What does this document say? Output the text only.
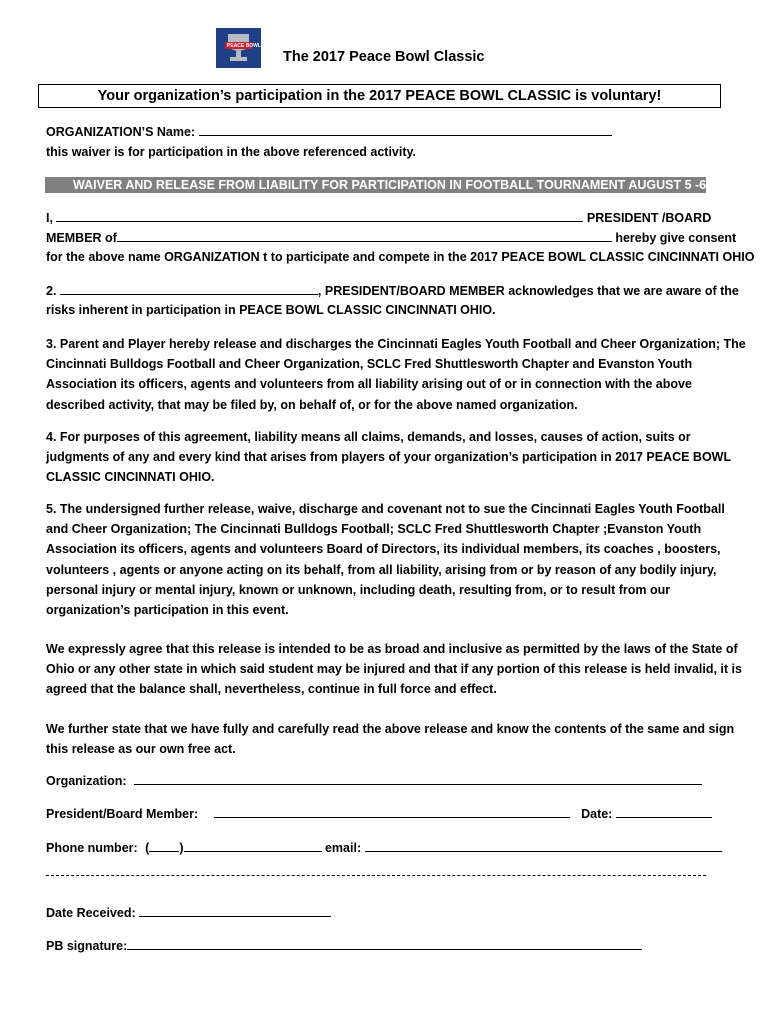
PEACE BOWL
The 2017 Peace Bowl Classic
Your organization’s participation in the 2017 PEACE BOWL CLASSIC is voluntary!
ORGANIZATION’S Name:
this waiver is for participation in the above referenced activity.
WAIVER AND RELEASE FROM LIABILITY FOR PARTICIPATION IN FOOTBALL TOURNAMENT AUGUST 5 -6, 2017.
I,	PRESIDENT /BOARD
MEMBER of	hereby give consent
for the above name ORGANIZATION t to participate and compete in the 2017 PEACE BOWL CLASSIC CINCINNATI OHIO
2.	, PRESIDENT/BOARD MEMBER acknowledges that we are aware of the
risks inherent in participation in PEACE BOWL CLASSIC CINCINNATI OHIO.
3. Parent and Player hereby release and discharges the Cincinnati Eagles Youth Football and Cheer Organization; The Cincinnati Bulldogs Football and Cheer Organization, SCLC Fred Shuttlesworth Chapter and Evanston Youth Association its officers, agents and volunteers from all liability arising out of or in connection with the above described activity, that may be filed by, on behalf of, or for the above named organization.
4. For purposes of this agreement, liability means all claims, demands, and losses, causes of action, suits or judgments of any and every kind that arises from players of your organization’s participation in 2017 PEACE BOWL CLASSIC CINCINNATI OHIO.
5. The undersigned further release, waive, discharge and covenant not to sue the Cincinnati Eagles Youth Football and Cheer Organization; The Cincinnati Bulldogs Football; SCLC Fred Shuttlesworth Chapter ;Evanston Youth Association its officers, agents and volunteers Board of Directors, its individual members, its coaches , boosters, volunteers , agents or anyone acting on its behalf, from all liability, arising from or by reason of any bodily injury, personal injury or mental injury, known or unknown, including death, resulting from, or to result from our organization’s participation in this event.
We expressly agree that this release is intended to be as broad and inclusive as permitted by the laws of the State of Ohio or any other state in which said student may be injured and that if any portion of this release is held invalid, it is agreed that the balance shall, nevertheless, continue in full force and effect.
We further state that we have fully and carefully read the above release and know the contents of the same and sign this release as our own free act.
Organization:
President/Board Member:	Date:
Phone number: ( )	email:
Date Received:
PB signature:
